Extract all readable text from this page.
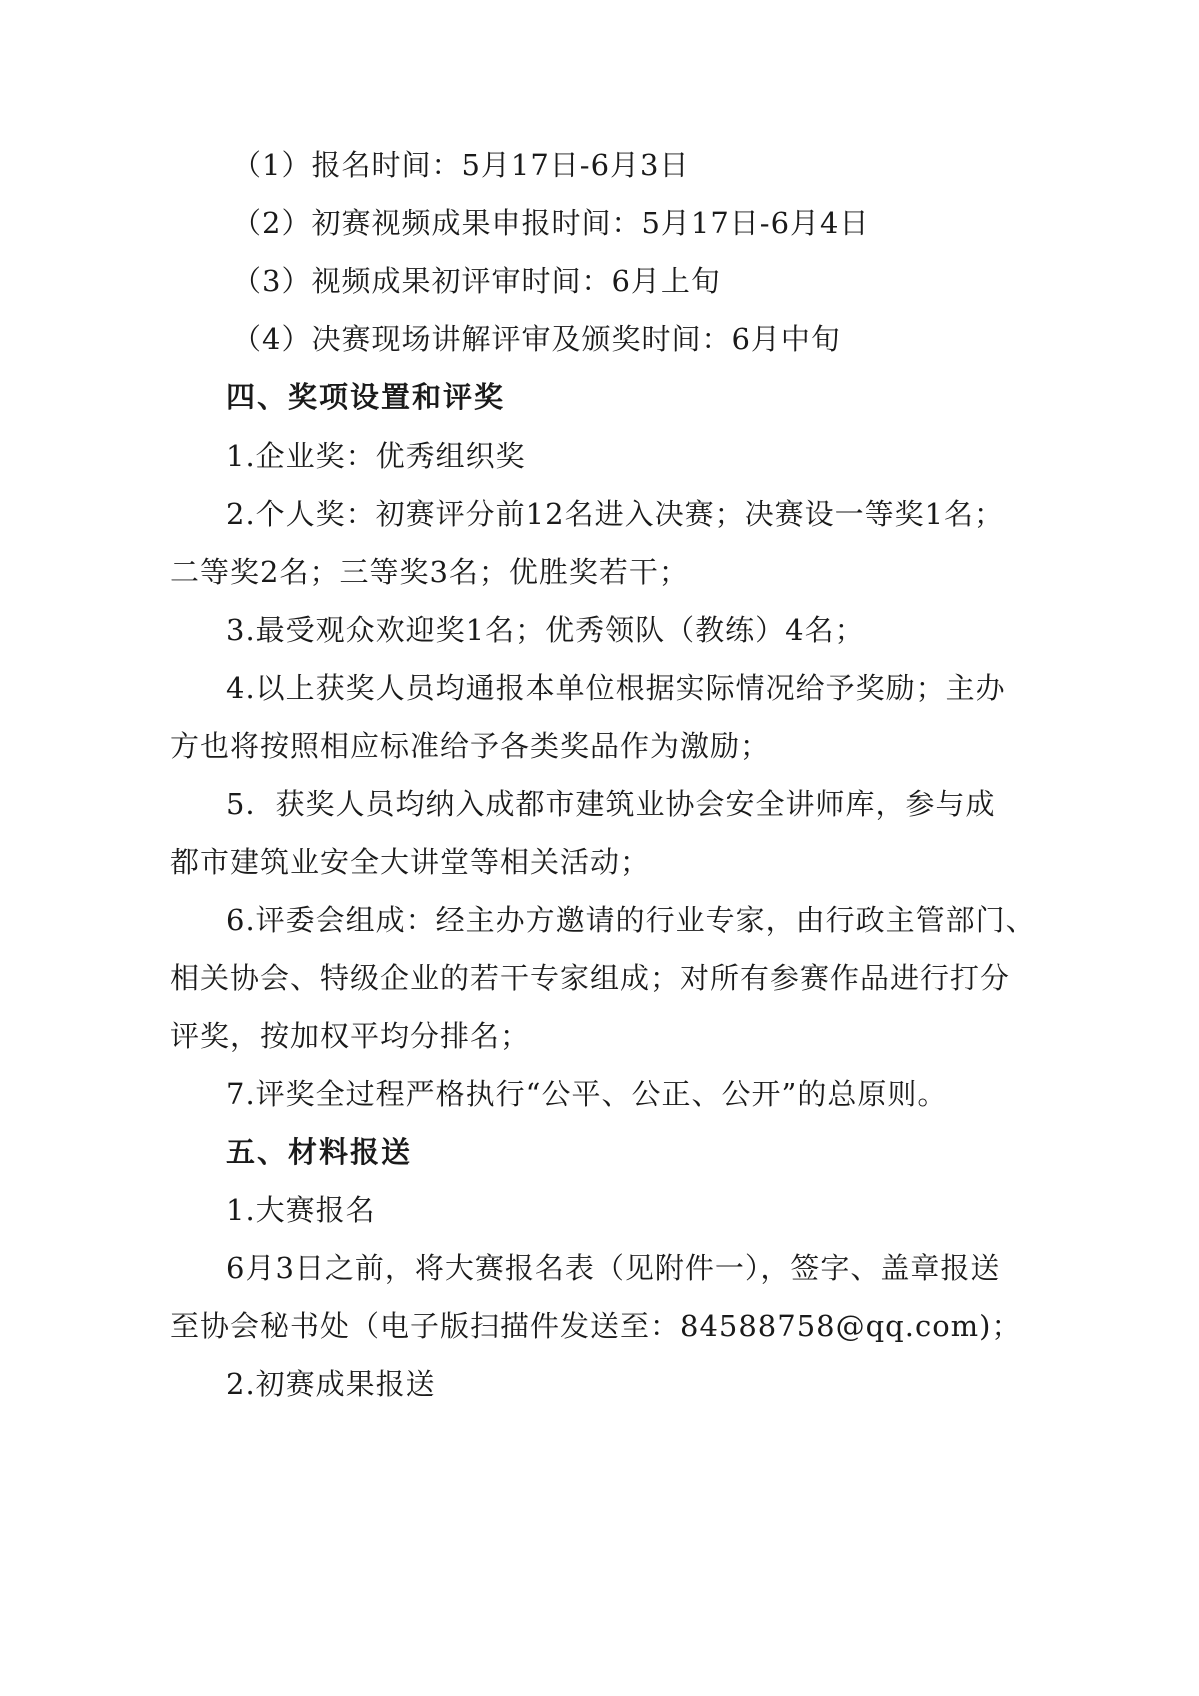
（1）报名时间：5月17日-6月3日
（2）初赛视频成果申报时间：5月17日-6月4日
（3）视频成果初评审时间：6月上旬
（4）决赛现场讲解评审及颁奖时间：6月中旬
四、奖项设置和评奖
1.企业奖：优秀组织奖
2.个人奖：初赛评分前12名进入决赛；决赛设一等奖1名；
二等奖2名；三等奖3名；优胜奖若干；
3.最受观众欢迎奖1名；优秀领队（教练）4名；
4.以上获奖人员均通报本单位根据实际情况给予奖励；主办
方也将按照相应标准给予各类奖品作为激励；
5．获奖人员均纳入成都市建筑业协会安全讲师库，参与成
都市建筑业安全大讲堂等相关活动；
6.评委会组成：经主办方邀请的行业专家，由行政主管部门、
相关协会、特级企业的若干专家组成；对所有参赛作品进行打分
评奖，按加权平均分排名；
7.评奖全过程严格执行“公平、公正、公开”的总原则。
五、材料报送
1.大赛报名
6月3日之前，将大赛报名表（见附件一），签字、盖章报送
至协会秘书处（电子版扫描件发送至：84588758@qq.com)；
2.初赛成果报送
